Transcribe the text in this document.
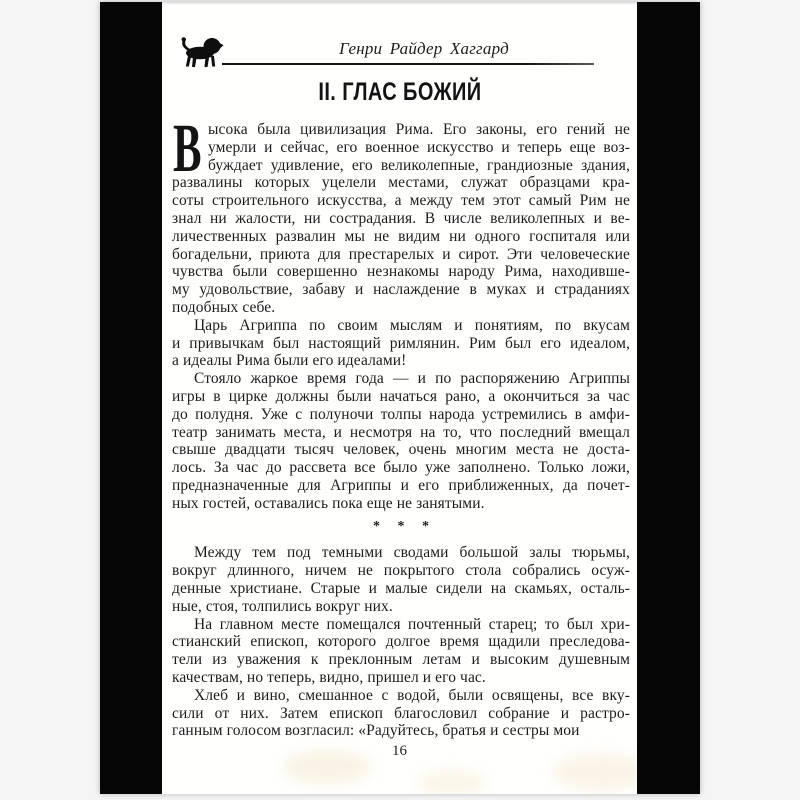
Генри Райдер Хаггард
II. ГЛАС БОЖИЙ
В ысока была цивилизация Рима. Его законы, его гений не
умерли и сейчас, его военное искусство и теперь еще воз-
буждает удивление, его великолепные, грандиозные здания,
развалины которых уцелели местами, служат образцами кра-
соты строительного искусства, а между тем этот самый Рим не
знал ни жалости, ни сострадания. В числе великолепных и ве-
личественных развалин мы не видим ни одного госпиталя или
богадельни, приюта для престарелых и сирот. Эти человеческие
чувства были совершенно незнакомы народу Рима, находивше-
му удовольствие, забаву и наслаждение в муках и страданиях
подобных себе.
Царь Агриппа по своим мыслям и понятиям, по вкусам
и привычкам был настоящий римлянин. Рим был его идеалом,
а идеалы Рима были его идеалами!
Стояло жаркое время года — и по распоряжению Агриппы
игры в цирке должны были начаться рано, а окончиться за час
до полудня. Уже с полуночи толпы народа устремились в амфи-
театр занимать места, и несмотря на то, что последний вмещал
свыше двадцати тысяч человек, очень многим места не доста-
лось. За час до рассвета все было уже заполнено. Только ложи,
предназначенные для Агриппы и его приближенных, да почет-
ных гостей, оставались пока еще не занятыми.
* * *
Между тем под темными сводами большой залы тюрьмы,
вокруг длинного, ничем не покрытого стола собрались осуж-
денные христиане. Старые и малые сидели на скамьях, осталь-
ные, стоя, толпились вокруг них.
На главном месте помещался почтенный старец; то был хри-
стианский епископ, которого долгое время щадили преследова-
тели из уважения к преклонным летам и высоким душевным
качествам, но теперь, видно, пришел и его час.
Хлеб и вино, смешанное с водой, были освящены, все вку-
сили от них. Затем епископ благословил собрание и растро-
ганным голосом возгласил: «Радуйтесь, братья и сестры мои
16
